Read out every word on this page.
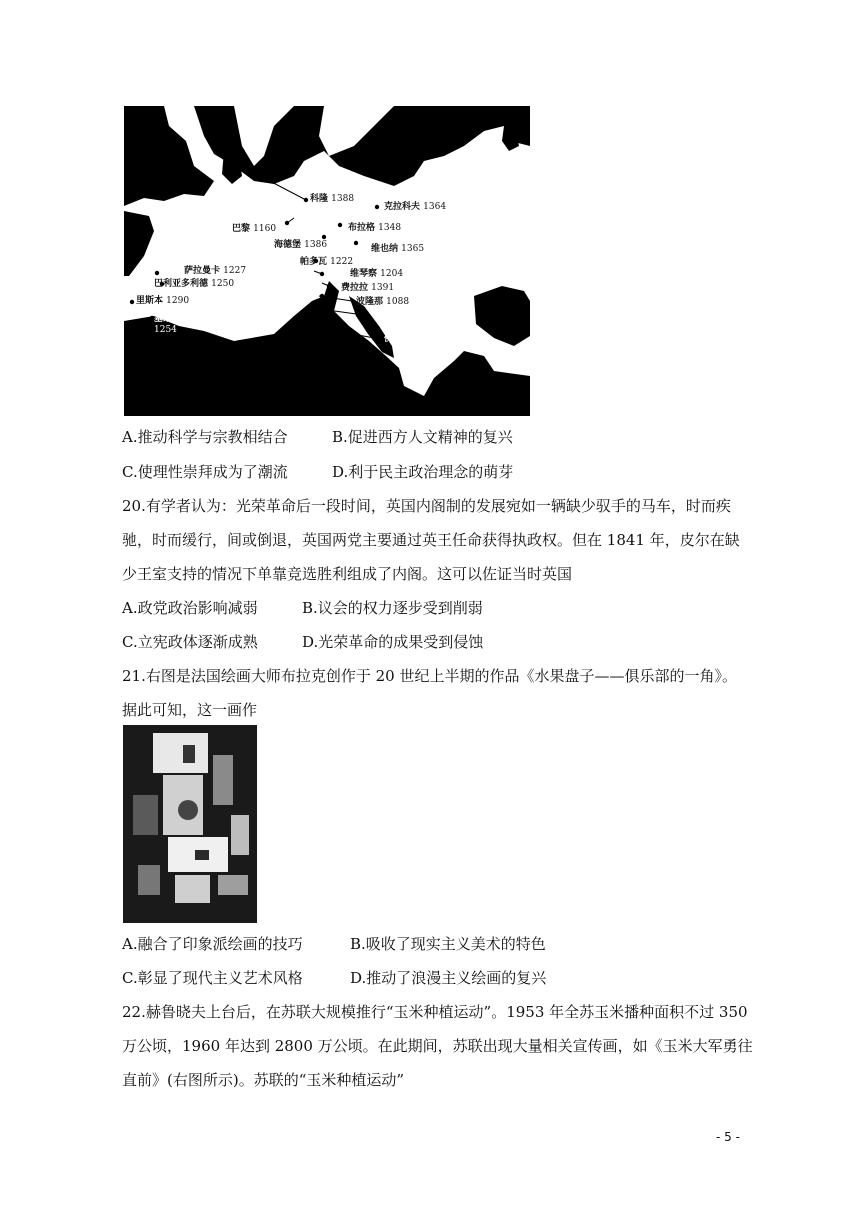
科隆 1388
克拉科夫 1364
巴黎 1160	布拉格 1348
海德堡 1386	维也纳 1365
帕多瓦 1222
萨拉曼卡 1227	维琴察 1204
巴利亚多利德 1250	费拉拉 1391
里斯本 1290	波隆那 1088
塞维尔
1254
摩德萨 1175
佛罗伦萨 1349
A.推动科学与宗教相结合	B.促进西方人文精神的复兴
C.使理性崇拜成为了潮流	D.利于民主政治理念的萌芽
20.有学者认为：光荣革命后一段时间，英国内阁制的发展宛如一辆缺少驭手的马车，时而疾
驰，时而缓行，间或倒退，英国两党主要通过英王任命获得执政权。但在 1841 年，皮尔在缺
少王室支持的情况下单靠竞选胜利组成了内阁。这可以佐证当时英国
A.政党政治影响减弱	B.议会的权力逐步受到削弱
C.立宪政体逐渐成熟	D.光荣革命的成果受到侵蚀
21.右图是法国绘画大师布拉克创作于 20 世纪上半期的作品《水果盘子——俱乐部的一角》。
据此可知，这一画作
A.融合了印象派绘画的技巧	B.吸收了现实主义美术的特色
C.彰显了现代主义艺术风格	D.推动了浪漫主义绘画的复兴
22.赫鲁晓夫上台后，在苏联大规模推行“玉米种植运动”。1953 年全苏玉米播种面积不过 350
万公顷，1960 年达到 2800 万公顷。在此期间，苏联出现大量相关宣传画，如《玉米大军勇往
直前》(右图所示)。苏联的“玉米种植运动”
- 5 -
